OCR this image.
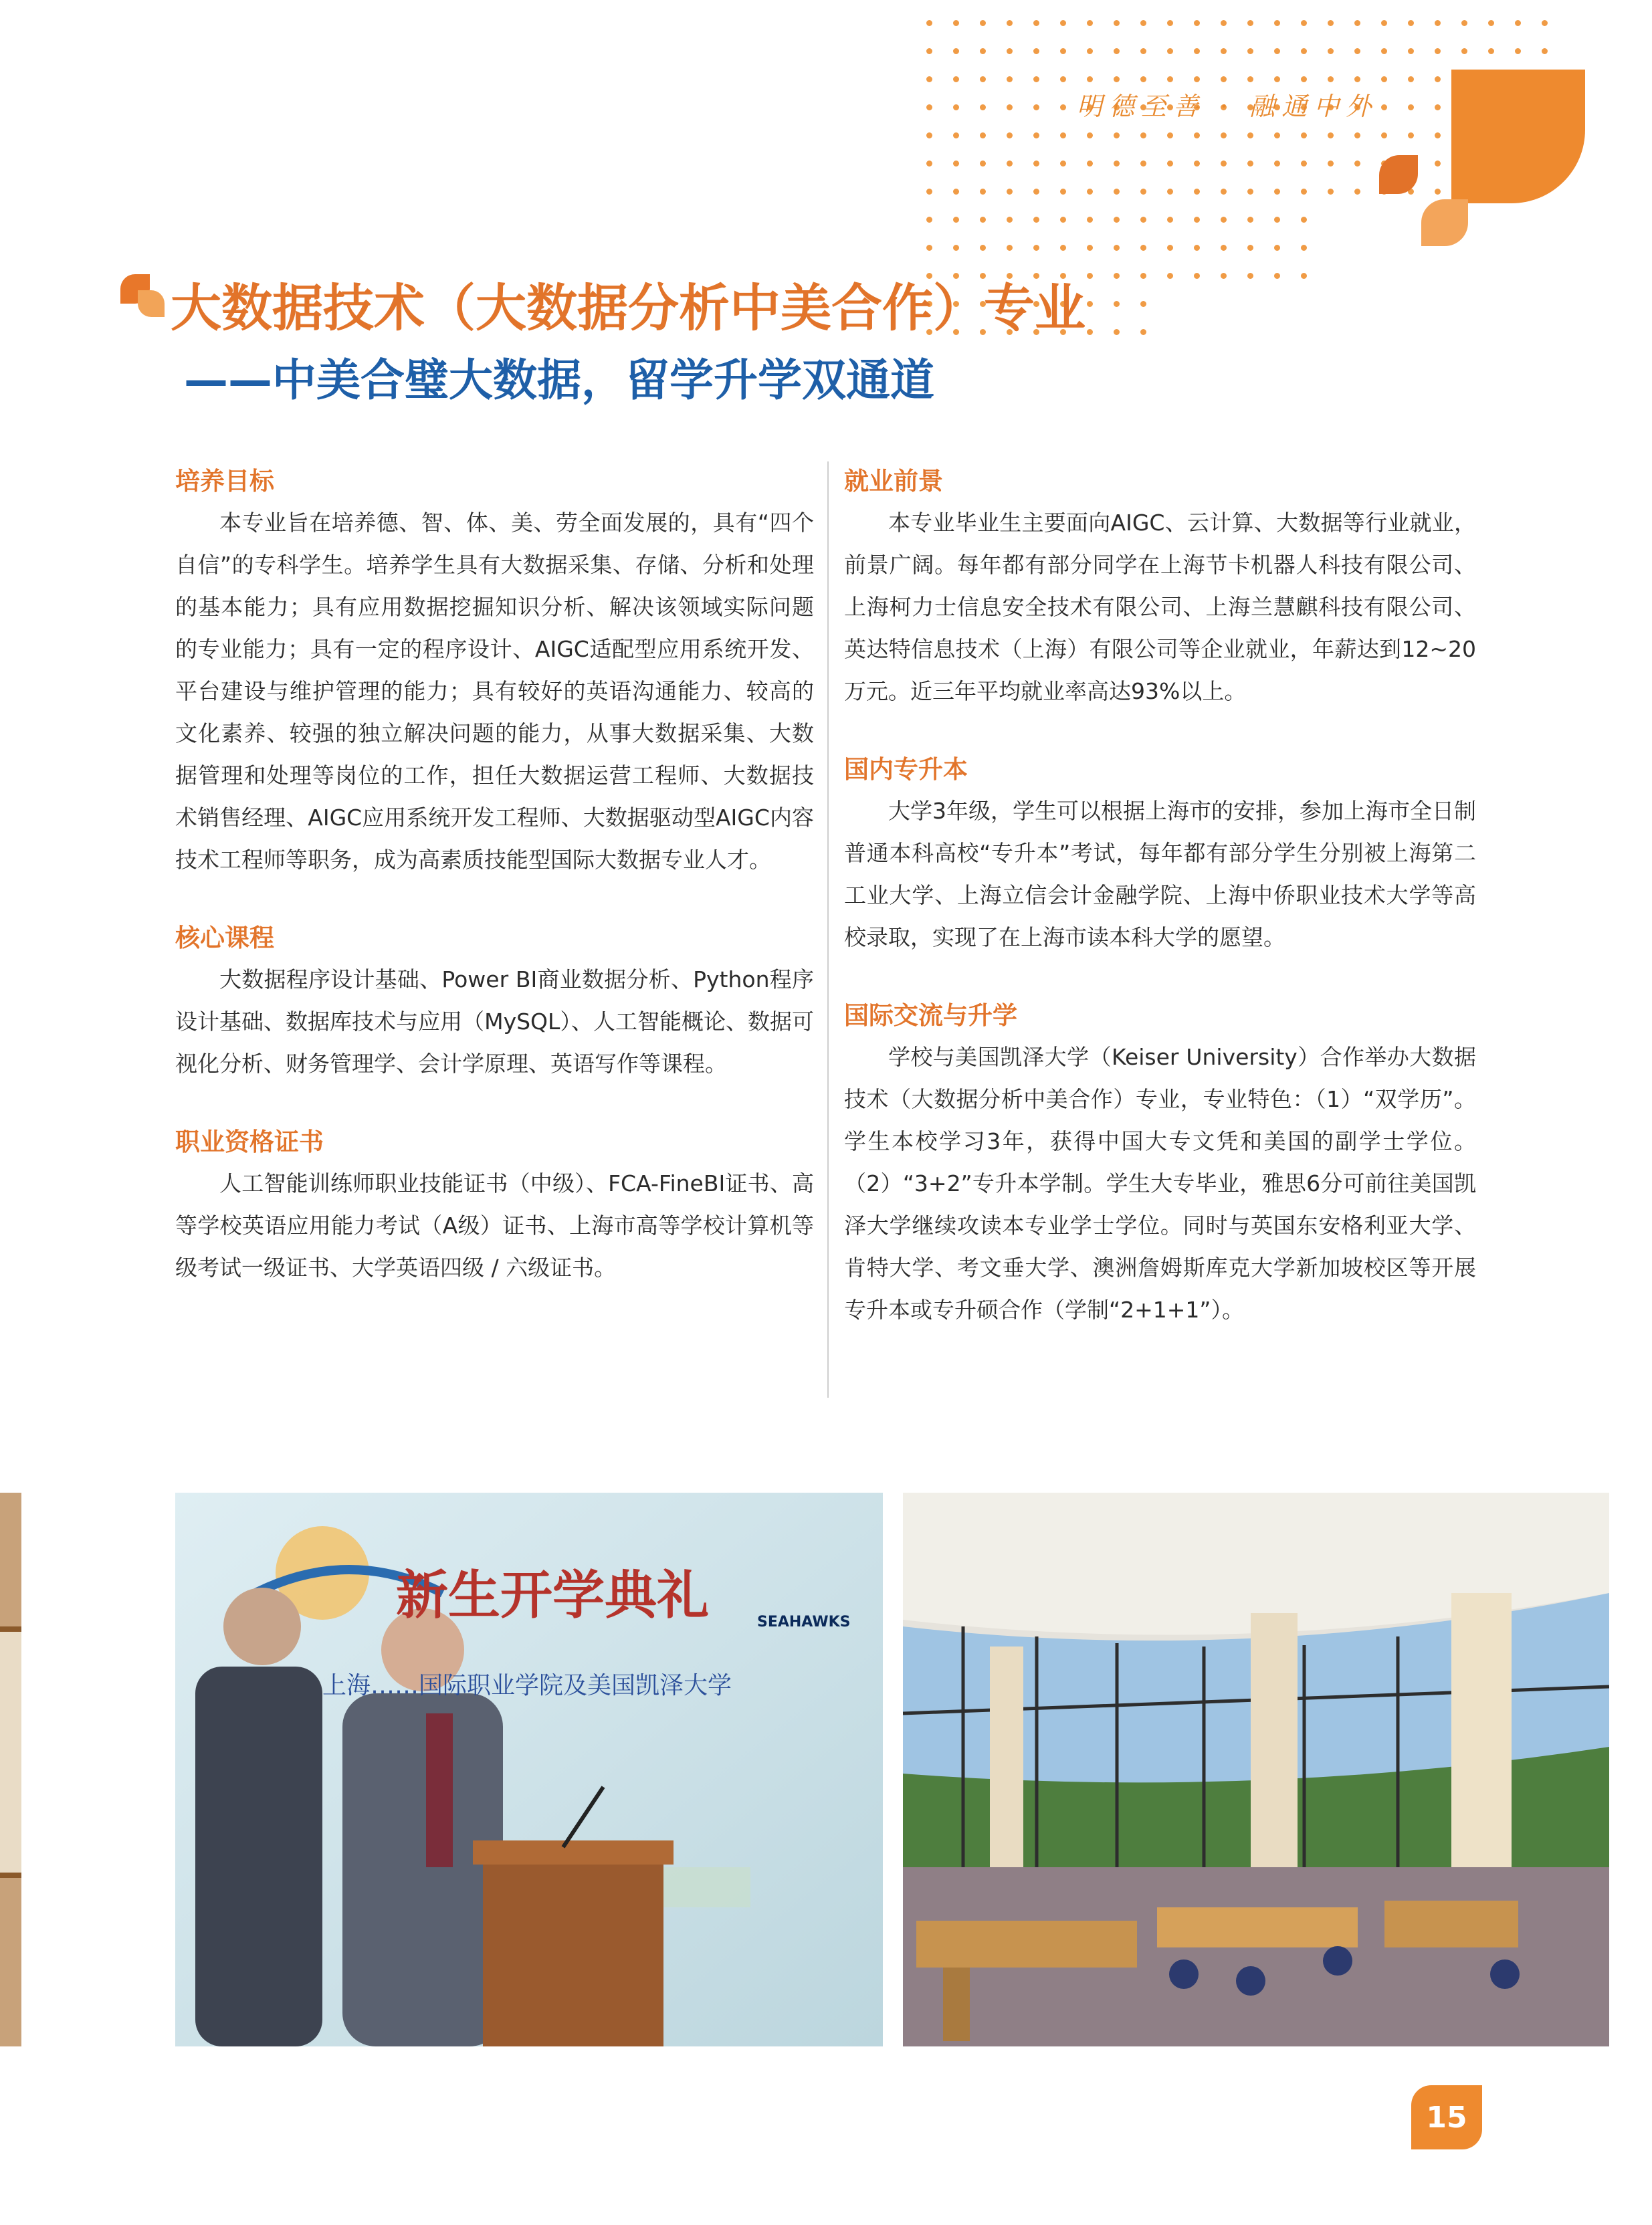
明德至善 · 融通中外
大数据技术（大数据分析中美合作）专业
——中美合璧大数据，留学升学双通道
培养目标

本专业旨在培养德、智、体、美、劳全面发展的，具有“四个自信”的专科学生。培养学生具有大数据采集、存储、分析和处理的基本能力；具有应用数据挖掘知识分析、解决该领域实际问题的专业能力；具有一定的程序设计、AIGC适配型应用系统开发、平台建设与维护管理的能力；具有较好的英语沟通能力、较高的文化素养、较强的独立解决问题的能力，从事大数据采集、大数据管理和处理等岗位的工作，担任大数据运营工程师、大数据技术销售经理、AIGC应用系统开发工程师、大数据驱动型AIGC内容技术工程师等职务，成为高素质技能型国际大数据专业人才。

核心课程

大数据程序设计基础、Power BI商业数据分析、Python程序设计基础、数据库技术与应用（MySQL）、人工智能概论、数据可视化分析、财务管理学、会计学原理、英语写作等课程。

职业资格证书

人工智能训练师职业技能证书（中级）、FCA-FineBI证书、高等学校英语应用能力考试（A级）证书、上海市高等学校计算机等级考试一级证书、大学英语四级 / 六级证书。

就业前景

本专业毕业生主要面向AIGC、云计算、大数据等行业就业，前景广阔。每年都有部分同学在上海节卡机器人科技有限公司、上海柯力士信息安全技术有限公司、上海兰慧麒科技有限公司、英达特信息技术（上海）有限公司等企业就业，年薪达到12~20万元。近三年平均就业率高达93%以上。

国内专升本

大学3年级，学生可以根据上海市的安排，参加上海市全日制普通本科高校“专升本”考试，每年都有部分学生分别被上海第二工业大学、上海立信会计金融学院、上海中侨职业技术大学等高校录取，实现了在上海市读本科大学的愿望。

国际交流与升学

学校与美国凯泽大学（Keiser University）合作举办大数据技术（大数据分析中美合作）专业，专业特色：（1）“双学历”。学生本校学习3年，获得中国大专文凭和美国的副学士学位。（2）“3+2”专升本学制。学生大专毕业，雅思6分可前往美国凯泽大学继续攻读本专业学士学位。同时与英国东安格利亚大学、肯特大学、考文垂大学、澳洲詹姆斯库克大学新加坡校区等开展专升本或专升硕合作（学制“2+1+1”）。

新生开学典礼
上海……国际职业学院及美国凯泽大学
SEAHAWKS
15
